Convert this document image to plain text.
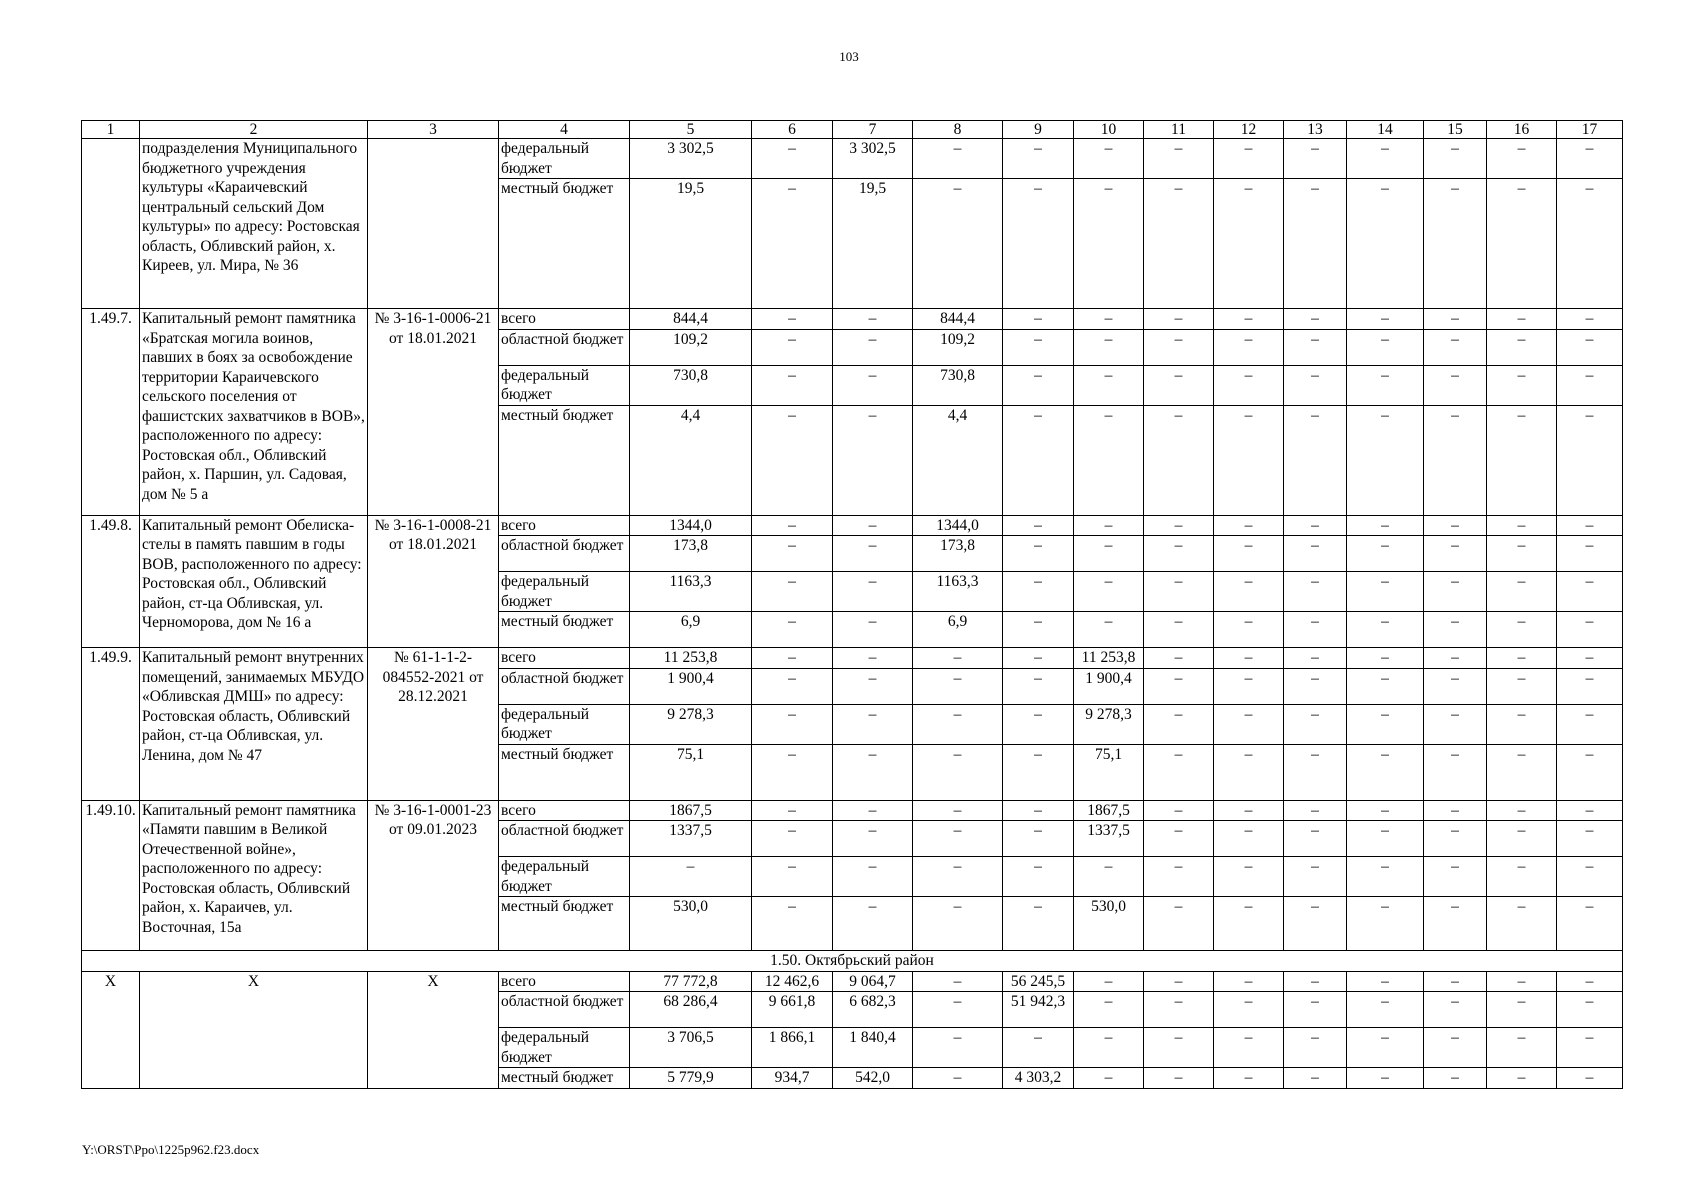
103
1	2	3	4	5	6	7	8	9	10	11	12	13	14	15	16	17
	подразделения Муниципального бюджетного учреждения культуры «Караичевский центральный сельский Дом культуры» по адресу: Ростовская область, Обливский район, х. Киреев, ул. Мира, № 36		федеральный бюджет	3 302,5	–	3 302,5	–	–	–	–	–	–	–	–	–	–
			местный бюджет	19,5	–	19,5	–	–	–	–	–	–	–	–	–	–
1.49.7.	Капитальный ремонт памятника «Братская могила воинов, павших в боях за освобождение территории Караичевского сельского поселения от фашистских захватчиков в ВОВ», расположенного по адресу: Ростовская обл., Обливский район, х. Паршин, ул. Садовая, дом № 5 а	№ 3-16-1-0006-21 от 18.01.2021	всего	844,4	–	–	844,4	–	–	–	–	–	–	–	–	–
			областной бюджет	109,2	–	–	109,2	–	–	–	–	–	–	–	–	–
			федеральный бюджет	730,8	–	–	730,8	–	–	–	–	–	–	–	–	–
			местный бюджет	4,4	–	–	4,4	–	–	–	–	–	–	–	–	–
1.49.8.	Капитальный ремонт Обелиска-стелы в память павшим в годы ВОВ, расположенного по адресу: Ростовская обл., Обливский район, ст-ца Обливская, ул. Черноморова, дом № 16 а	№ 3-16-1-0008-21 от 18.01.2021	всего	1344,0	–	–	1344,0	–	–	–	–	–	–	–	–	–
			областной бюджет	173,8	–	–	173,8	–	–	–	–	–	–	–	–	–
			федеральный бюджет	1163,3	–	–	1163,3	–	–	–	–	–	–	–	–	–
			местный бюджет	6,9	–	–	6,9	–	–	–	–	–	–	–	–	–
1.49.9.	Капитальный ремонт внутренних помещений, занимаемых МБУДО «Обливская ДМШ» по адресу: Ростовская область, Обливский район, ст-ца Обливская, ул. Ленина, дом № 47	№ 61-1-1-2-084552-2021 от 28.12.2021	всего	11 253,8	–	–	–	–	11 253,8	–	–	–	–	–	–	–
			областной бюджет	1 900,4	–	–	–	–	1 900,4	–	–	–	–	–	–	–
			федеральный бюджет	9 278,3	–	–	–	–	9 278,3	–	–	–	–	–	–	–
			местный бюджет	75,1	–	–	–	–	75,1	–	–	–	–	–	–	–
1.49.10.	Капитальный ремонт памятника «Памяти павшим в Великой Отечественной войне», расположенного по адресу: Ростовская область, Обливский район, х. Караичев, ул. Восточная, 15а	№ 3-16-1-0001-23 от 09.01.2023	всего	1867,5	–	–	–	–	1867,5	–	–	–	–	–	–	–
			областной бюджет	1337,5	–	–	–	–	1337,5	–	–	–	–	–	–	–
			федеральный бюджет	–	–	–	–	–	–	–	–	–	–	–	–	–
			местный бюджет	530,0	–	–	–	–	530,0	–	–	–	–	–	–	–
1.50. Октябрьский район																
X	X	X	всего	77 772,8	12 462,6	9 064,7	–	56 245,5	–	–	–	–	–	–	–	–
			областной бюджет	68 286,4	9 661,8	6 682,3	–	51 942,3	–	–	–	–	–	–	–	–
			федеральный бюджет	3 706,5	1 866,1	1 840,4	–	–	–	–	–	–	–	–	–	–
			местный бюджет	5 779,9	934,7	542,0	–	4 303,2	–	–	–	–	–	–	–	–
Y:\ORST\Ppo\1225p962.f23.docx
